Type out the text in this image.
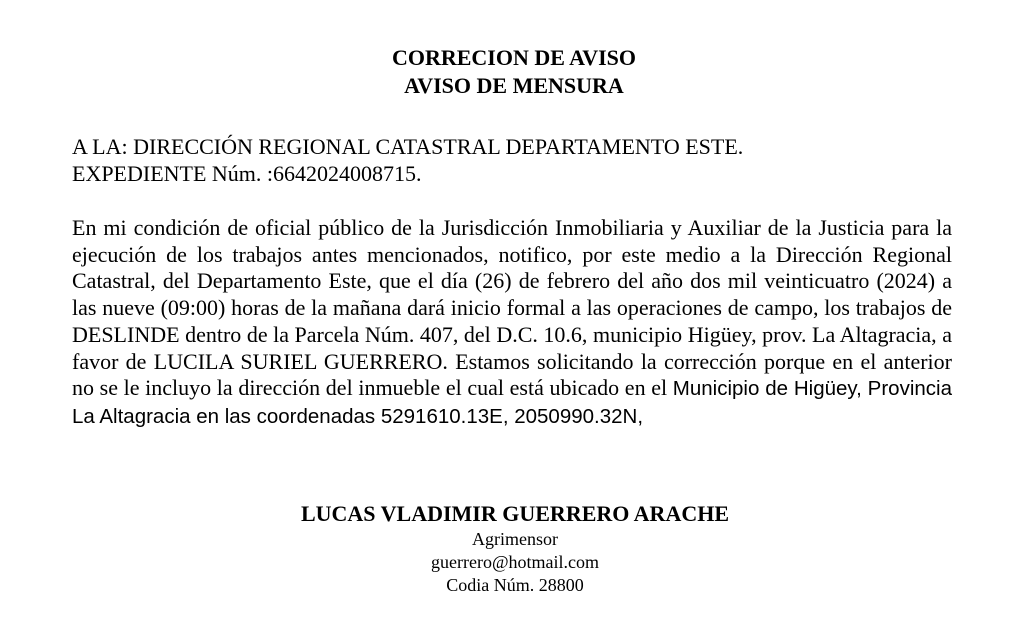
CORRECION DE AVISO
AVISO DE MENSURA
A LA: DIRECCIÓN REGIONAL CATASTRAL DEPARTAMENTO ESTE.
EXPEDIENTE Núm. :6642024008715.
En mi condición de oficial público de la Jurisdicción Inmobiliaria y Auxiliar de la Justicia para la ejecución de los trabajos antes mencionados, notifico, por este medio a la Dirección Regional Catastral, del Departamento Este, que el día (26) de febrero del año dos mil veinticuatro (2024) a las nueve (09:00) horas de la mañana dará inicio formal a las operaciones de campo, los trabajos de DESLINDE dentro de la Parcela Núm. 407, del D.C. 10.6, municipio Higüey, prov. La Altagracia, a favor de LUCILA SURIEL GUERRERO. Estamos solicitando la corrección porque en el anterior no se le incluyo la dirección del inmueble el cual está ubicado en el Municipio de Higüey, Provincia La Altagracia en las coordenadas 5291610.13E, 2050990.32N,
LUCAS VLADIMIR GUERRERO ARACHE
Agrimensor
guerrero@hotmail.com
Codia Núm. 28800
